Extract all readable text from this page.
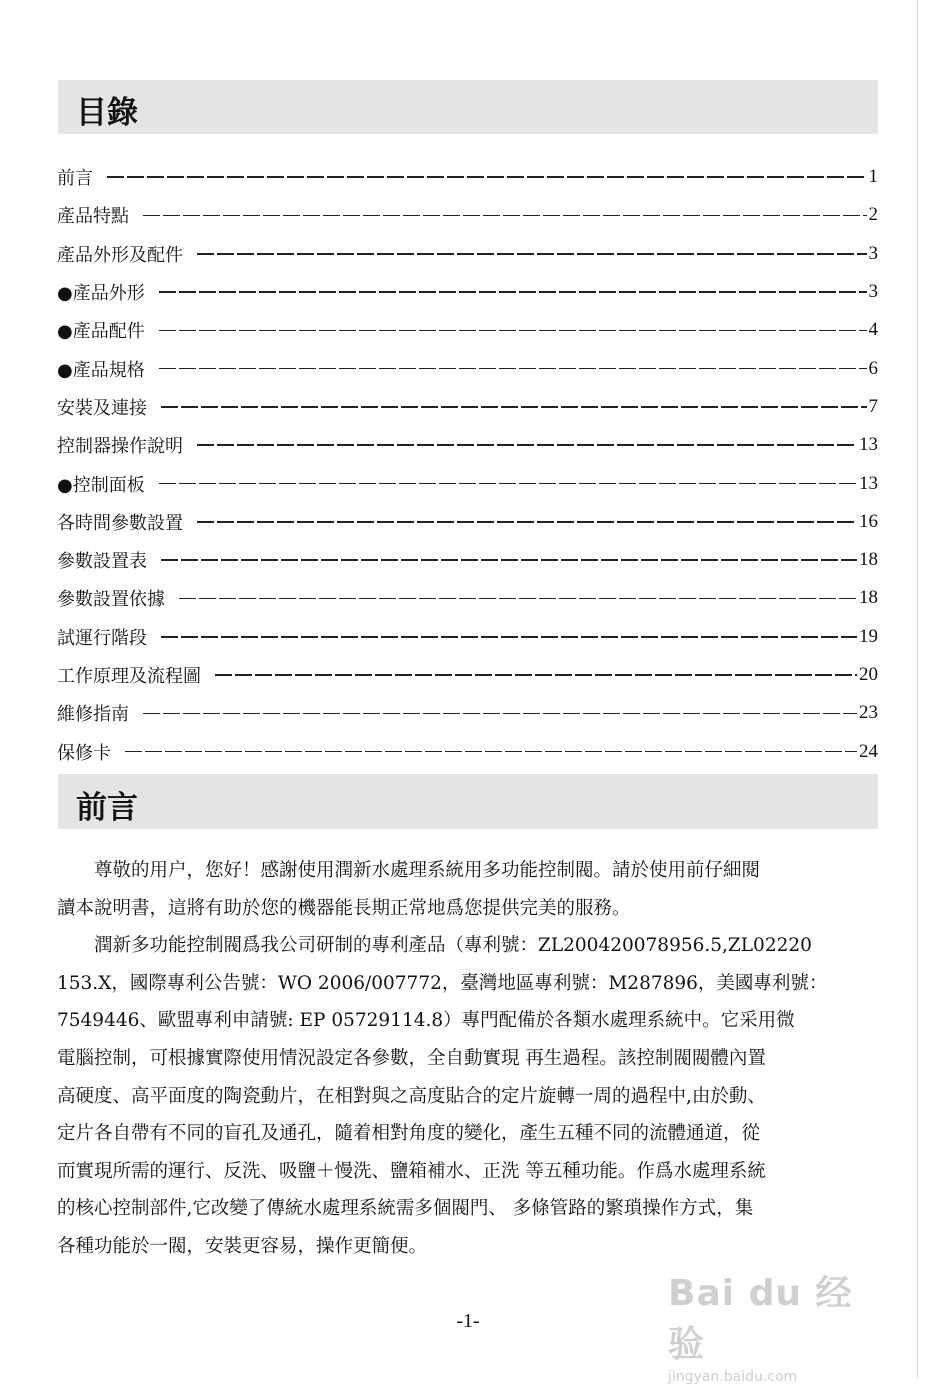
目錄
前言	1
產品特點	2
產品外形及配件	3
●產品外形	3
●產品配件	4
●產品規格	6
安裝及連接	7
控制器操作說明	13
●控制面板	13
各時間參數設置	16
參數設置表	18
參數設置依據	18
試運行階段	19
工作原理及流程圖	20
維修指南	23
保修卡	24
前言
尊敬的用户，您好！感謝使用潤新水處理系統用多功能控制閥。請於使用前仔細閱
讀本說明書，這將有助於您的機器能長期正常地爲您提供完美的服務。
潤新多功能控制閥爲我公司研制的專利產品（專利號：ZL200420078956.5,ZL02220
153.X，國際專利公告號：WO 2006/007772，臺灣地區專利號：M287896，美國專利號：
7549446、歐盟專利申請號: EP 05729114.8）專門配備於各類水處理系統中。它采用微
電腦控制，可根據實際使用情況設定各參數，全自動實現 再生過程。該控制閥閥體內置
高硬度、高平面度的陶瓷動片，在相對與之高度貼合的定片旋轉一周的過程中,由於動、
定片各自帶有不同的盲孔及通孔，隨着相對角度的變化，產生五種不同的流體通道，從
而實現所需的運行、反洗、吸鹽＋慢洗、鹽箱補水、正洗 等五種功能。作爲水處理系統
的核心控制部件,它改變了傳統水處理系統需多個閥門、 多條管路的繁瑣操作方式，集
各種功能於一閥，安裝更容易，操作更簡便。
-1-
Bai du 经验
jingyan.baidu.com
